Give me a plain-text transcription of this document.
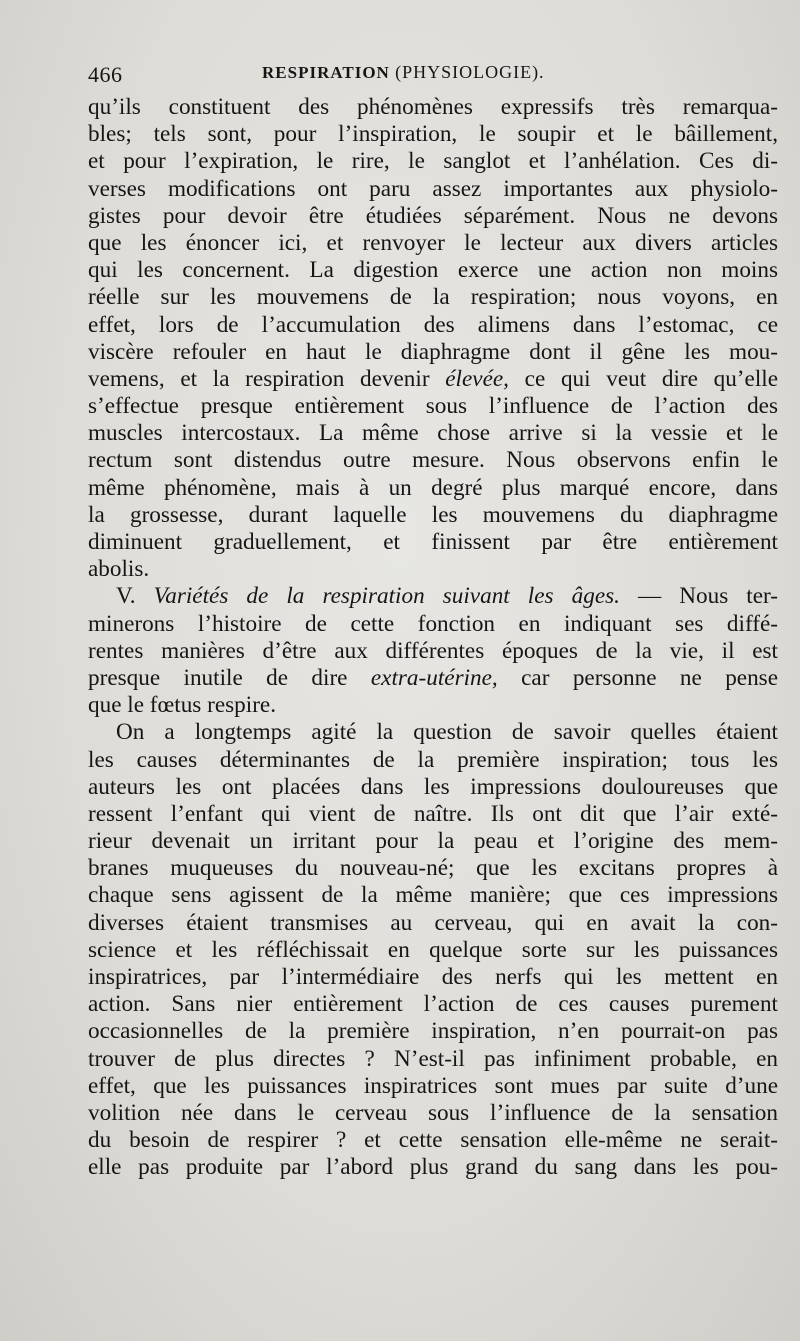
466	RESPIRATION (PHYSIOLOGIE).
qu’ils constituent des phénomènes expressifs très remarqua-
bles; tels sont, pour l’inspiration, le soupir et le bâillement,
et pour l’expiration, le rire, le sanglot et l’anhélation. Ces di-
verses modifications ont paru assez importantes aux physiolo-
gistes pour devoir être étudiées séparément. Nous ne devons
que les énoncer ici, et renvoyer le lecteur aux divers articles
qui les concernent. La digestion exerce une action non moins
réelle sur les mouvemens de la respiration; nous voyons, en
effet, lors de l’accumulation des alimens dans l’estomac, ce
viscère refouler en haut le diaphragme dont il gêne les mou-
vemens, et la respiration devenir élevée, ce qui veut dire qu’elle
s’effectue presque entièrement sous l’influence de l’action des
muscles intercostaux. La même chose arrive si la vessie et le
rectum sont distendus outre mesure. Nous observons enfin le
même phénomène, mais à un degré plus marqué encore, dans
la grossesse, durant laquelle les mouvemens du diaphragme
diminuent graduellement, et finissent par être entièrement
abolis.
V. Variétés de la respiration suivant les âges. — Nous ter-
minerons l’histoire de cette fonction en indiquant ses diffé-
rentes manières d’être aux différentes époques de la vie, il est
presque inutile de dire extra-utérine, car personne ne pense
que le fœtus respire.
On a longtemps agité la question de savoir quelles étaient
les causes déterminantes de la première inspiration; tous les
auteurs les ont placées dans les impressions douloureuses que
ressent l’enfant qui vient de naître. Ils ont dit que l’air exté-
rieur devenait un irritant pour la peau et l’origine des mem-
branes muqueuses du nouveau-né; que les excitans propres à
chaque sens agissent de la même manière; que ces impressions
diverses étaient transmises au cerveau, qui en avait la con-
science et les réfléchissait en quelque sorte sur les puissances
inspiratrices, par l’intermédiaire des nerfs qui les mettent en
action. Sans nier entièrement l’action de ces causes purement
occasionnelles de la première inspiration, n’en pourrait-on pas
trouver de plus directes ? N’est-il pas infiniment probable, en
effet, que les puissances inspiratrices sont mues par suite d’une
volition née dans le cerveau sous l’influence de la sensation
du besoin de respirer ? et cette sensation elle-même ne serait-
elle pas produite par l’abord plus grand du sang dans les pou-
